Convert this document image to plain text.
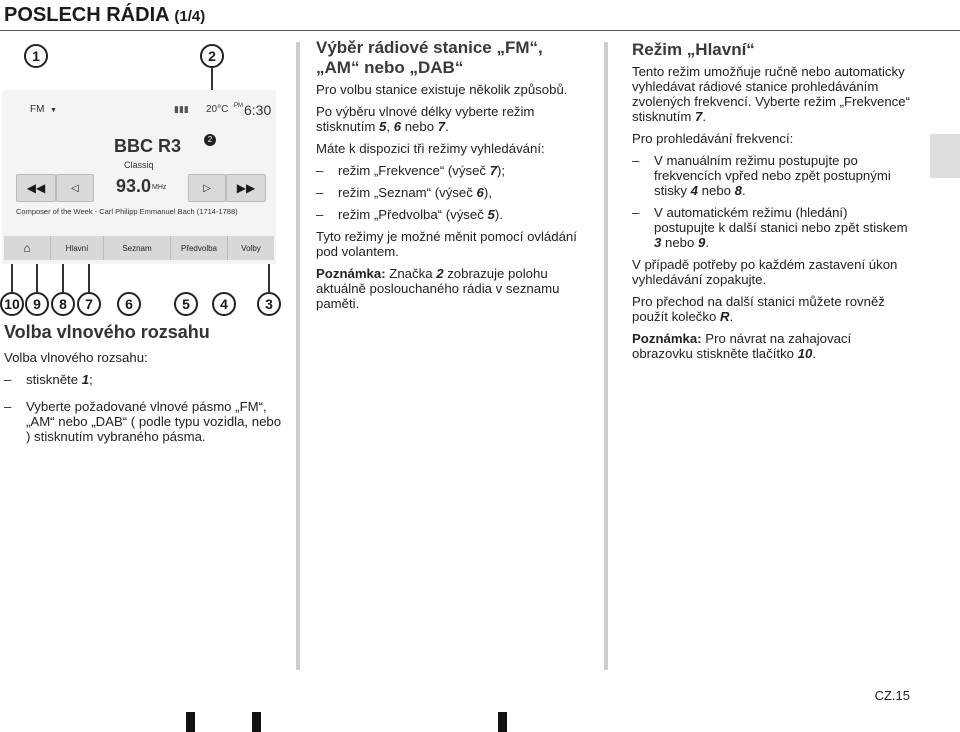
POSLECH RÁDIA (1/4)
1	2
FM ▼	▮▮▮ 20°C PM 6:30
BBC R3
Classiq
93.0 MHz
2
◀◀	◁	▷ ▶▶
Composer of the Week - Carl Philipp Emmanuel Bach (1714-1788)
⌂	Hlavní	Seznam	Předvolba	Volby
10 9	8	7	6	5	4	3
Volba vlnového rozsahu

Volba vlnového rozsahu:

–	stiskněte 1;
–	Vyberte požadované vlnové pásmo „FM“, „AM“ nebo „DAB“ ( podle typu vozidla, nebo ) stisknutím vybraného pásma.
Výběr rádiové stanice „FM“,
„AM“ nebo „DAB“

Pro volbu stanice existuje několik způsobů.

Po výběru vlnové délky vyberte režim stisknutím 5, 6 nebo 7.

Máte k dispozici tři režimy vyhledávání:

–	režim „Frekvence“ (výseč 7);
–	režim „Seznam“ (výseč 6),
–	režim „Předvolba“ (výseč 5).

Tyto režimy je možné měnit pomocí ovládání pod volantem.

Poznámka: Značka 2 zobrazuje polohu aktuálně poslouchaného rádia v seznamu paměti.

Režim „Hlavní“

Tento režim umožňuje ručně nebo automaticky vyhledávat rádiové stanice prohledáváním zvolených frekvencí. Vyberte režim „Frekvence“ stisknutím 7.

Pro prohledávání frekvencí:

–	V manuálním režimu postupujte po frekvencích vpřed nebo zpět postupnými stisky 4 nebo 8.
–	V automatickém režimu (hledání) postupujte k další stanici nebo zpět stiskem 3 nebo 9.

V případě potřeby po každém zastavení úkon vyhledávání zopakujte.

Pro přechod na další stanici můžete rovněž použít kolečko R.

Poznámka: Pro návrat na zahajovací obrazovku stiskněte tlačítko 10.

CZ.15
